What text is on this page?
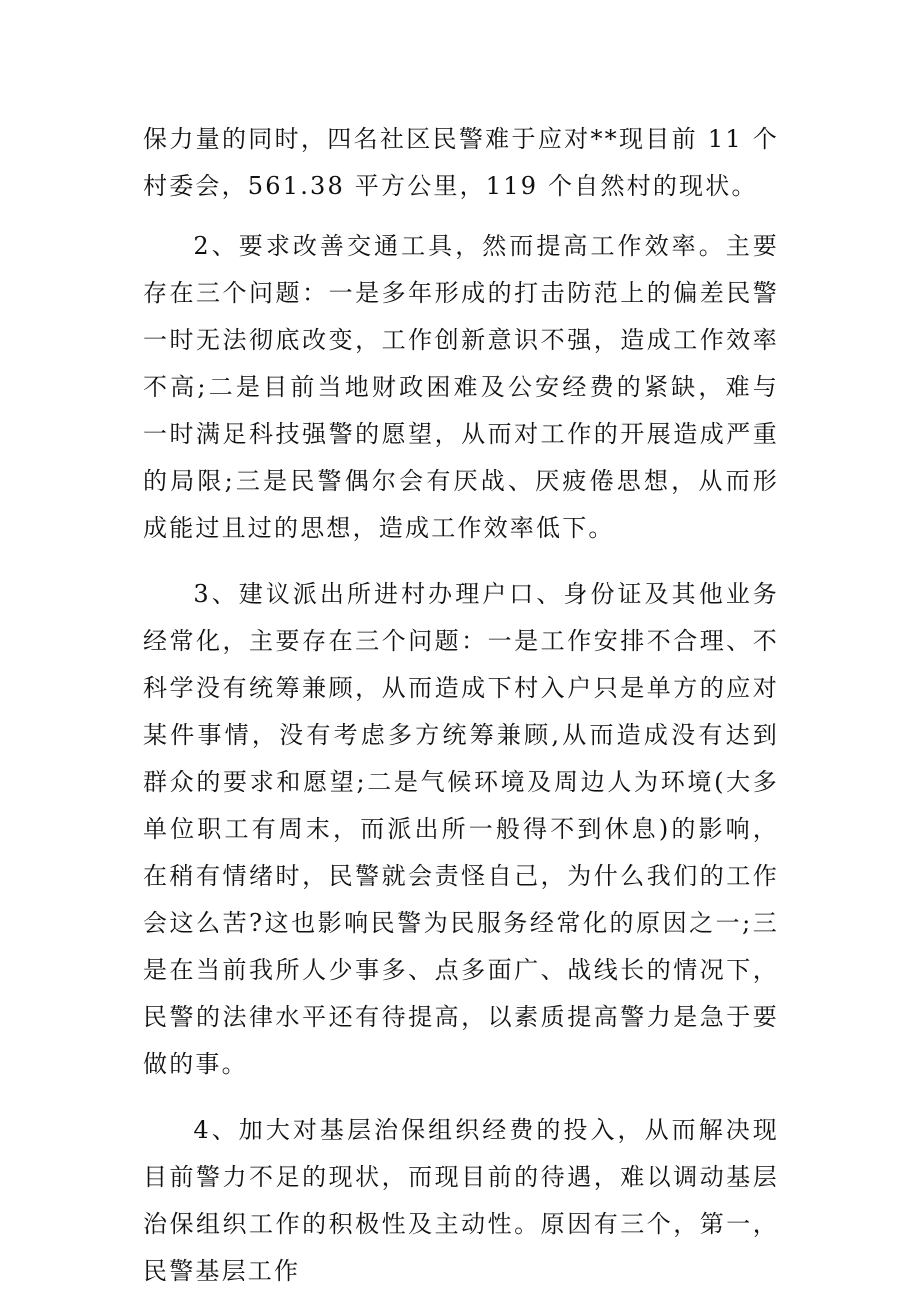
保力量的同时，四名社区民警难于应对**现目前 11 个村委会，561.38 平方公里，119 个自然村的现状。

2、要求改善交通工具，然而提高工作效率。主要存在三个问题：一是多年形成的打击防范上的偏差民警一时无法彻底改变，工作创新意识不强，造成工作效率不高;二是目前当地财政困难及公安经费的紧缺，难与一时满足科技强警的愿望，从而对工作的开展造成严重的局限;三是民警偶尔会有厌战、厌疲倦思想，从而形成能过且过的思想，造成工作效率低下。

3、建议派出所进村办理户口、身份证及其他业务经常化，主要存在三个问题：一是工作安排不合理、不科学没有统筹兼顾，从而造成下村入户只是单方的应对某件事情，没有考虑多方统筹兼顾,从而造成没有达到群众的要求和愿望;二是气候环境及周边人为环境(大多单位职工有周末，而派出所一般得不到休息)的影响，在稍有情绪时，民警就会责怪自己，为什么我们的工作会这么苦?这也影响民警为民服务经常化的原因之一;三是在当前我所人少事多、点多面广、战线长的情况下，民警的法律水平还有待提高，以素质提高警力是急于要做的事。

4、加大对基层治保组织经费的投入，从而解决现目前警力不足的现状，而现目前的待遇，难以调动基层治保组织工作的积极性及主动性。原因有三个，第一，民警基层工作
